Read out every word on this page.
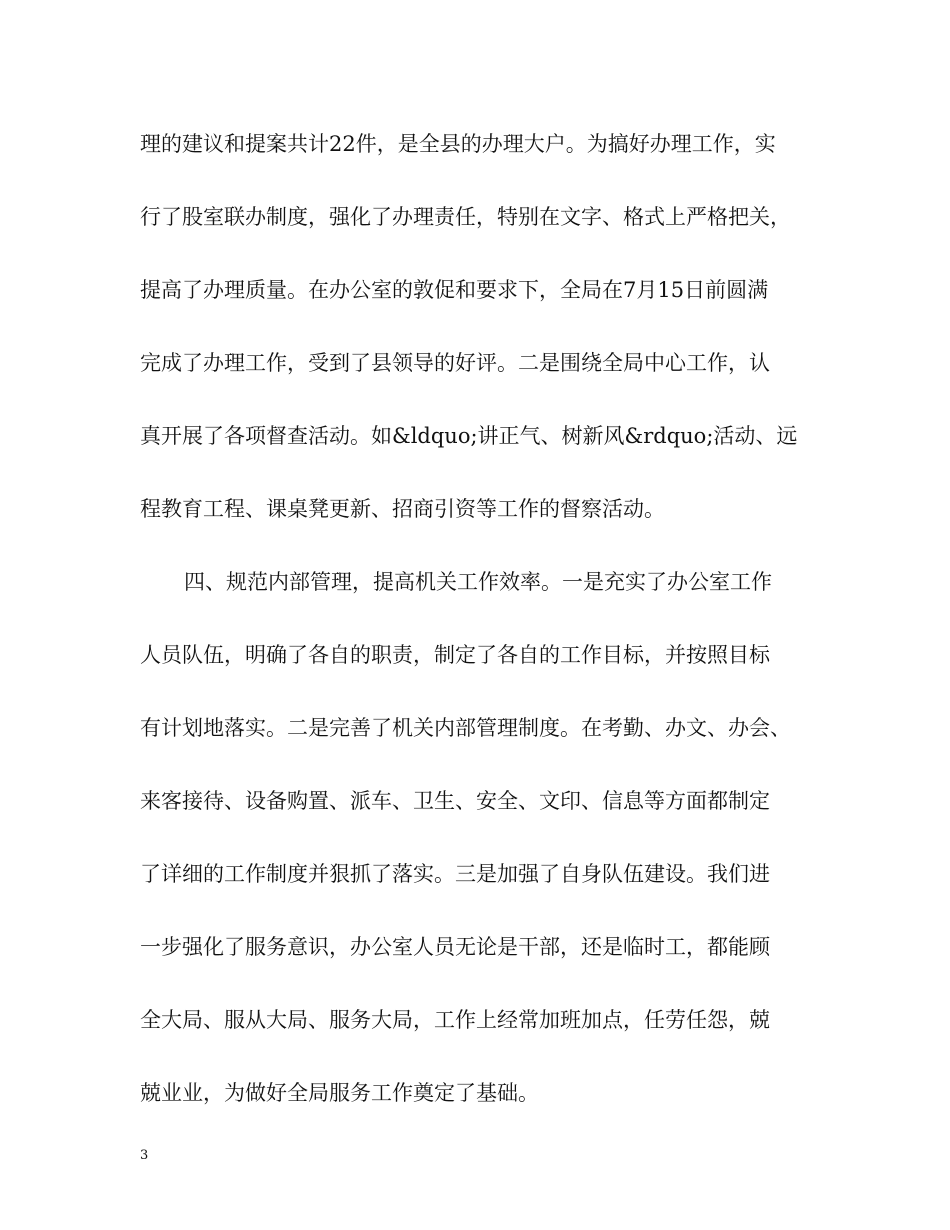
理的建议和提案共计22件，是全县的办理大户。为搞好办理工作，实
行了股室联办制度，强化了办理责任，特别在文字、格式上严格把关，
提高了办理质量。在办公室的敦促和要求下，全局在7月15日前圆满
完成了办理工作，受到了县领导的好评。二是围绕全局中心工作，认
真开展了各项督查活动。如&ldquo;讲正气、树新风&rdquo;活动、远
程教育工程、课桌凳更新、招商引资等工作的督察活动。
四、规范内部管理，提高机关工作效率。一是充实了办公室工作
人员队伍，明确了各自的职责，制定了各自的工作目标，并按照目标
有计划地落实。二是完善了机关内部管理制度。在考勤、办文、办会、
来客接待、设备购置、派车、卫生、安全、文印、信息等方面都制定
了详细的工作制度并狠抓了落实。三是加强了自身队伍建设。我们进
一步强化了服务意识，办公室人员无论是干部，还是临时工，都能顾
全大局、服从大局、服务大局，工作上经常加班加点，任劳任怨，兢
兢业业，为做好全局服务工作奠定了基础。
3
